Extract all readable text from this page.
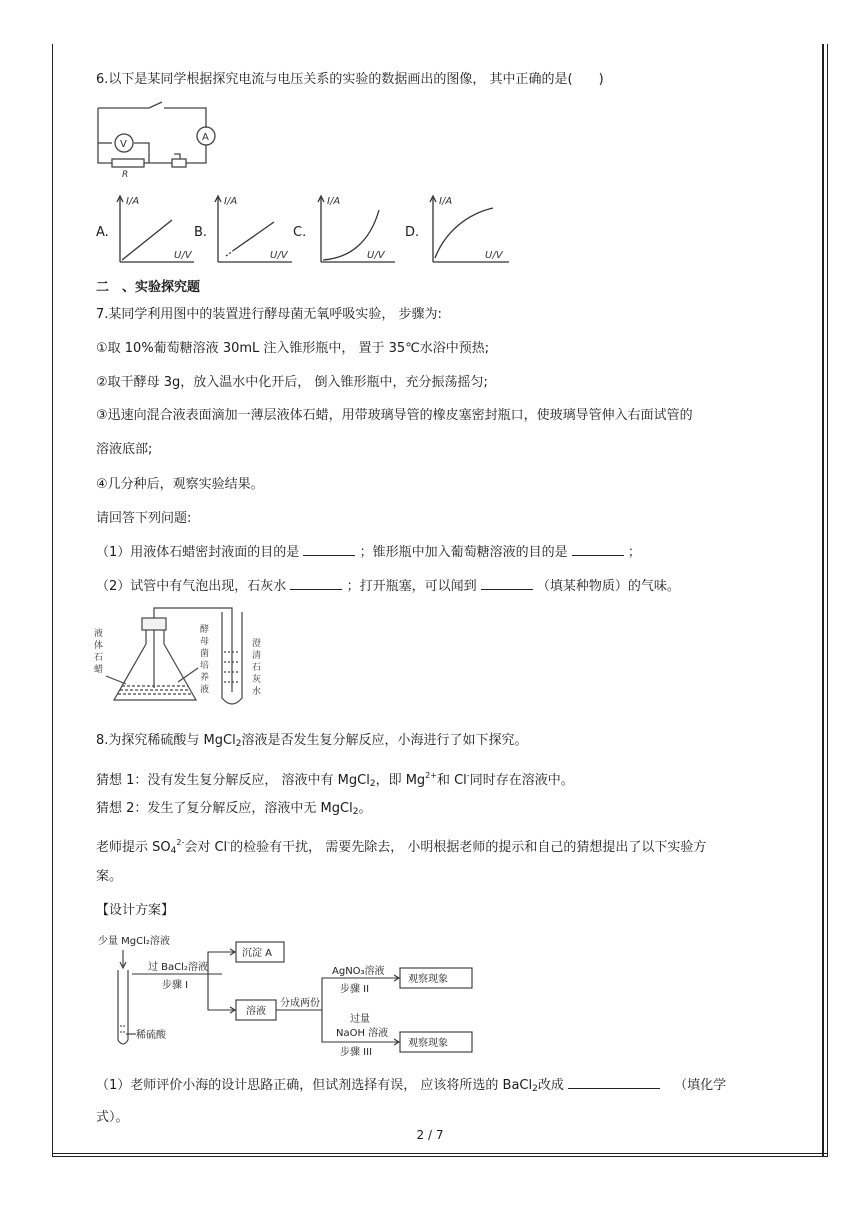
6.以下是某同学根据探究电流与电压关系的实验的数据画出的图像， 其中正确的是(　　)
V
A
R
A.
I/A
U/V
B.
I/A
U/V
C.
I/A
U/V
D.
I/A
U/V
二　、实验探究题
7.某同学利用图中的装置进行酵母菌无氧呼吸实验， 步骤为:
①取 10%葡萄糖溶液 30mL 注入锥形瓶中， 置于 35℃水浴中预热;
②取干酵母 3g，放入温水中化开后， 倒入锥形瓶中，充分振荡摇匀;
③迅速向混合液表面滴加一薄层液体石蜡，用带玻璃导管的橡皮塞密封瓶口，使玻璃导管伸入右面试管的
溶液底部;
④几分种后，观察实验结果。
请回答下列问题:
（1）用液体石蜡密封液面的目的是	；锥形瓶中加入葡萄糖溶液的目的是	；
（2）试管中有气泡出现，石灰水	；打开瓶塞，可以闻到	（填某种物质）的气味。
液
体
石
蜡
酵
母
菌
培
养
液
澄
清
石
灰
水
8.为探究稀硫酸与 MgCl$_2$溶液是否发生复分解反应，小海进行了如下探究。
猜想 1：没有发生复分解反应， 溶液中有 MgCl$_2$，即 $Mg^{2+}$和 Cl-同时存在溶液中。
猜想 2：发生了复分解反应，溶液中无 MgCl$_2$。
老师提示 $SO_4^{2-}$会对 Cl-的检验有干扰， 需要先除去， 小明根据老师的提示和自己的猜想提出了以下实验方
案。
【设计方案】
少量 MgCl₂溶液
过 BaCl₂溶液
步骤 I
沉淀 A
溶液
分成两份
AgNO₃溶液
步骤 II
观察现象
过量
NaOH 溶液
步骤 III
观察现象
稀硫酸
（1）老师评价小海的设计思路正确，但试剂选择有误， 应该将所选的 BaCl$_2$改成	（填化学
式）。
2 / 7
